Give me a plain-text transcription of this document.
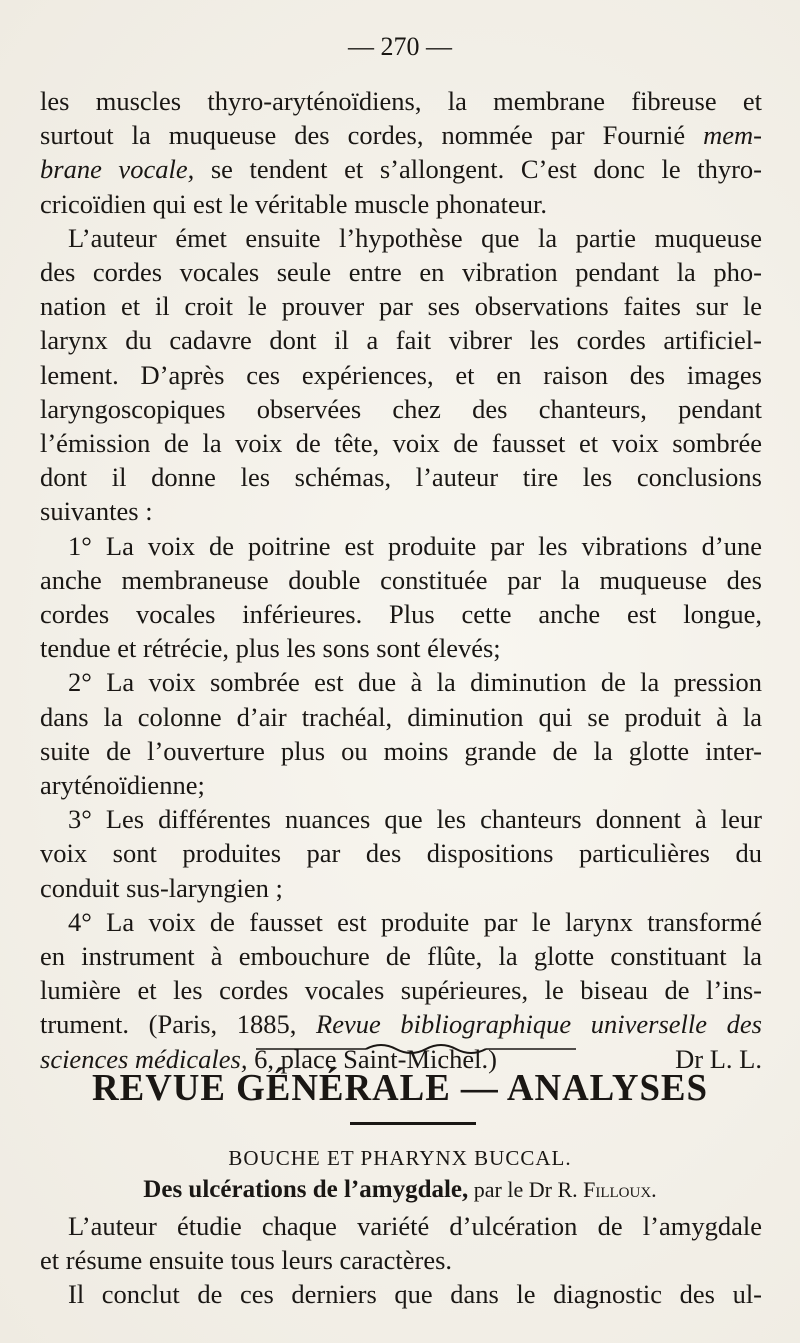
— 270 —

les muscles thyro-aryténoïdiens, la membrane fibreuse et
surtout la muqueuse des cordes, nommée par Fournié mem-
brane vocale, se tendent et s’allongent. C’est donc le thyro-
cricoïdien qui est le véritable muscle phonateur.

L’auteur émet ensuite l’hypothèse que la partie muqueuse
des cordes vocales seule entre en vibration pendant la pho-
nation et il croit le prouver par ses observations faites sur le
larynx du cadavre dont il a fait vibrer les cordes artificiel-
lement. D’après ces expériences, et en raison des images
laryngoscopiques observées chez des chanteurs, pendant
l’émission de la voix de tête, voix de fausset et voix sombrée
dont il donne les schémas, l’auteur tire les conclusions
suivantes :

1° La voix de poitrine est produite par les vibrations d’une
anche membraneuse double constituée par la muqueuse des
cordes vocales inférieures. Plus cette anche est longue,
tendue et rétrécie, plus les sons sont élevés;

2° La voix sombrée est due à la diminution de la pression
dans la colonne d’air trachéal, diminution qui se produit à la
suite de l’ouverture plus ou moins grande de la glotte inter-
aryténoïdienne;

3° Les différentes nuances que les chanteurs donnent à leur
voix sont produites par des dispositions particulières du
conduit sus-laryngien ;

4° La voix de fausset est produite par le larynx transformé
en instrument à embouchure de flûte, la glotte constituant la
lumière et les cordes vocales supérieures, le biseau de l’ins-
trument. (Paris, 1885, Revue bibliographique universelle des
sciences médicales, 6, place Saint-Michel.)	Dr L. L.

REVUE GÉNÉRALE — ANALYSES
BOUCHE ET PHARYNX BUCCAL.
Des ulcérations de l’amygdale, par le Dr R. Filloux.
L’auteur étudie chaque variété d’ulcération de l’amygdale
et résume ensuite tous leurs caractères.
Il conclut de ces derniers que dans le diagnostic des ul-
